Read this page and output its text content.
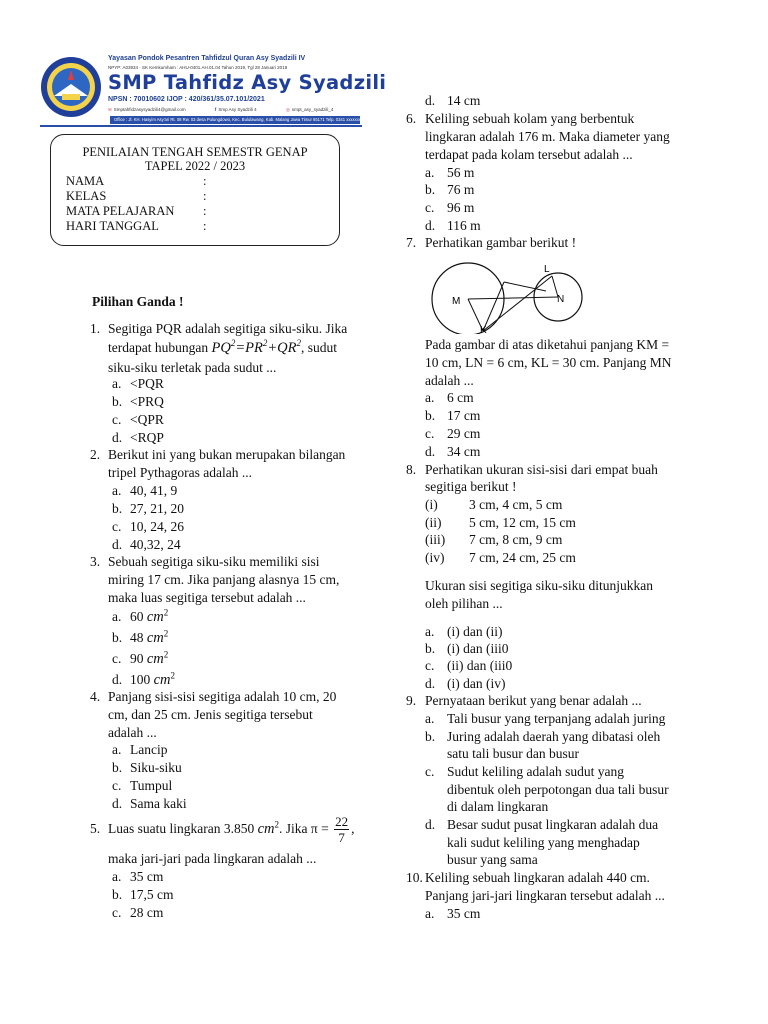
Yayasan Pondok Pesantren Tahfidzul Quran Asy Syadzili IV
NPYP: A03934 · SK Kemkumham : AHU-0401.AH.01.04 Tahun 2019, Tgl 28 Januari 2019
SMP Tahfidz Asy Syadzili
NPSN : 70010602 IJOP : 420/361/35.07.101/2021
✉ Smptahfidzasysyadzili4@gmail.com	f Smp Asy Syadzili 4	◎ smpt_asy_syadzili_4
Office : Jl. KH. Hasyim Asy'ari Rt. 08 Rw. 03 desa Pulungdowo, Kec. Bululawang, Kab. Malang Jawa Timur 65171 Telp. 0341 xxxxxxx
PENILAIAN TENGAH SEMESTR GENAP
TAPEL 2022 / 2023
NAMA	:
KELAS	:
MATA PELAJARAN :
HARI TANGGAL	:
Pilihan Ganda !
1. Segitiga PQR adalah segitiga siku-siku. Jika
terdapat hubungan $PQ^2=PR^2+QR^2$, sudut
siku-siku terletak pada sudut ...
a. <PQR
b. <PRQ
c. <QPR
d. <RQP
2. Berikut ini yang bukan merupakan bilangan
tripel Pythagoras adalah ...
a. 40, 41, 9
b. 27, 21, 20
c. 10, 24, 26
d. 40,32, 24
3. Sebuah segitiga siku-siku memiliki sisi
miring 17 cm. Jika panjang alasnya 15 cm,
maka luas segitiga tersebut adalah ...
a. 60 $cm^2$
b. 48 $cm^2$
c. 90 $cm^2$
d. 100 $cm^2$
4. Panjang sisi-sisi segitiga adalah 10 cm, 20
cm, dan 25 cm. Jenis segitiga tersebut
adalah ...
a. Lancip
b. Siku-siku
c. Tumpul
d. Sama kaki
5. Luas suatu lingkaran 3.850 $cm^2$. Jika $\pi = \frac{22}{7}$ ,
maka jari-jari pada lingkaran adalah ...
a. 35 cm
b. 17,5 cm
c. 28 cm
d. 14 cm
6. Keliling sebuah kolam yang berbentuk
lingkaran adalah 176 m. Maka diameter yang
terdapat pada kolam tersebut adalah ...
a. 56 m
b. 76 m
c. 96 m
d. 116 m
7. Perhatikan gambar berikut !
M
K
L
N
Pada gambar di atas diketahui panjang KM =
10 cm, LN = 6 cm, KL = 30 cm. Panjang MN
adalah ...
a. 6 cm
b. 17 cm
c. 29 cm
d. 34 cm
8. Perhatikan ukuran sisi-sisi dari empat buah
segitiga berikut !
(i) 3 cm, 4 cm, 5 cm
(ii) 5 cm, 12 cm, 15 cm
(iii) 7 cm, 8 cm, 9 cm
(iv) 7 cm, 24 cm, 25 cm
Ukuran sisi segitiga siku-siku ditunjukkan
oleh pilihan ...
a. (i) dan (ii)
b. (i) dan (iii0
c. (ii) dan (iii0
d. (i) dan (iv)
9. Pernyataan berikut yang benar adalah ...
a. Tali busur yang terpanjang adalah juring
b. Juring adalah daerah yang dibatasi oleh
satu tali busur dan busur
c. Sudut keliling adalah sudut yang
dibentuk oleh perpotongan dua tali busur
di dalam lingkaran
d. Besar sudut pusat lingkaran adalah dua
kali sudut keliling yang menghadap
busur yang sama
10. Keliling sebuah lingkaran adalah 440 cm.
Panjang jari-jari lingkaran tersebut adalah ...
a. 35 cm
